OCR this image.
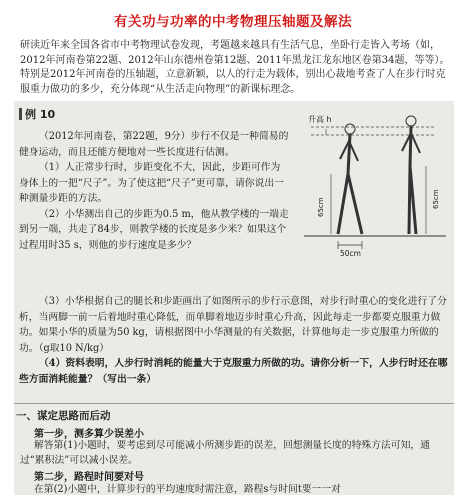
有关功与功率的中考物理压轴题及解法
研读近年来全国各省市中考物理试卷发现，考题越来越具有生活气息，坐卧行走皆入考场（如，2012年河南卷第22题、2012年山东德州卷第12题、2011年黑龙江龙东地区卷第34题，等等）。特别是2012年河南卷的压轴题，立意新颖，以人的行走为载体，别出心裁地考查了人在步行时克服重力做功的多少，充分体现“从生活走向物理”的新课标理念。
例 10

（2012年河南卷，第22题，9分）步行不仅是一种简易的健身运动，而且还能方便地对一些长度进行估测。

（1）人正常步行时，步距变化不大，因此，步距可作为身体上的一把“尺子”。为了使这把“尺子”更可靠，请你说出一种测量步距的方法。

（2）小华测出自己的步距为0.5 m，他从教学楼的一端走到另一端，共走了84步，则教学楼的长度是多少米？如果这个过程用时35 s，则他的步行速度是多少？

升高 h
50cm
65cm	65cm

（3）小华根据自己的腿长和步距画出了如图所示的步行示意图，对步行时重心的变化进行了分析，当两脚一前一后着地时重心降低，而单脚着地迈步时重心升高，因此每走一步都要克服重力做功。如果小华的质量为50 kg，请根据图中小华测量的有关数据，计算他每走一步克服重力所做的功。（g取10 N/kg）

（4）资料表明，人步行时消耗的能量大于克服重力所做的功。请你分析一下，人步行时还在哪些方面消耗能量？（写出一条）

一、谋定思路而后动
第一步，测多算少误差小

解答第(1)小题时，要考虑到尽可能减小所测步距的误差，回想测量长度的特殊方法可知，通过“累积法”可以减小误差。

第二步，路程时间要对号

在第(2)小题中，计算步行的平均速度时需注意，路程s与时间t要一一对
